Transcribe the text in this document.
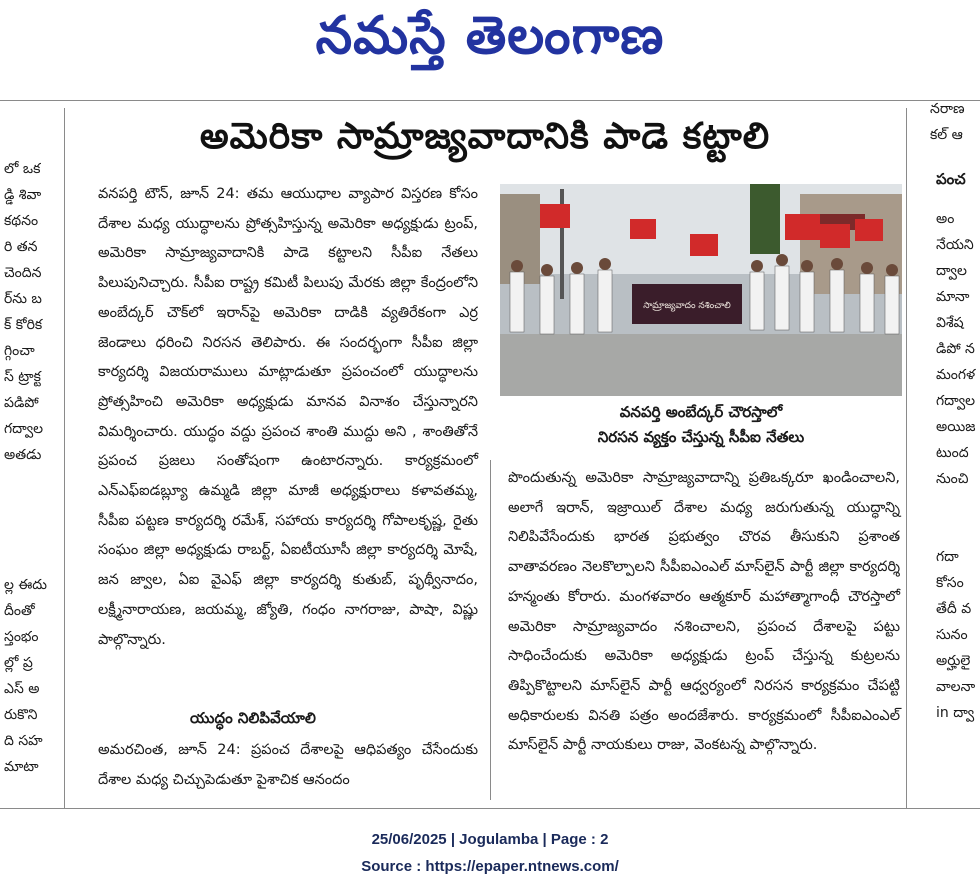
నమస్తే తెలంగాణ
లో ఒక
డ్డి శివా
కథనం
రి తన
చెందిన
ర్‌ను బ
క్‌ కోరిక
గ్గించా
స్‌ ట్రాక్ట
పడిపో
గద్వాల
అతడు
ల్ల ఈదు
దీంతో
స్తంభం
ల్లో ప్ర
ఎస్‌ అ
రుకొని
ది సహ
మాటా
నరాణ
కల్‌ ఆ
పంచ
అం
నేయని
ద్వాల
మానా
విశేష
డిపో న
మంగళ
గద్వాల
అయిజ
టుంద
నుంచి
గదా
కోసం
తేదీ వ
సునం
అర్హులై
వాలనా
in ద్వా
అమెరికా సామ్రాజ్యవాదానికి పాడె కట్టాలి

వనపర్తి టౌన్‌, జూన్‌ 24: తమ ఆయుధాల వ్యాపార విస్తరణ కోసం దేశాల మధ్య యుద్ధాలను ప్రోత్సహిస్తున్న అమెరికా అధ్యక్షుడు ట్రంప్‌, అమెరికా సామ్రాజ్యవాదానికి పాడె కట్టాలని సీపీఐ నేతలు పిలుపునిచ్చారు. సీపీఐ రాష్ట్ర కమిటీ పిలుపు మేరకు జిల్లా కేంద్రంలోని అంబేద్కర్‌ చౌక్‌లో ఇరాన్‌పై అమెరికా దాడికి వ్యతిరేకంగా ఎర్ర జెండాలు ధరించి నిరసన తెలిపారు. ఈ సందర్భంగా సీపీఐ జిల్లా కార్యదర్శి విజయరాములు మాట్లాడుతూ ప్రపంచంలో యుద్ధాలను ప్రోత్సహించి అమెరికా అధ్యక్షుడు మానవ వినాశం చేస్తున్నారని విమర్శించారు. యుద్ధం వద్దు ప్రపంచ శాంతి ముద్దు అని , శాంతితోనే ప్రపంచ ప్రజలు సంతోషంగా ఉంటారన్నారు. కార్యక్రమంలో ఎన్‌ఎఫ్‌ఐడబ్ల్యూ ఉమ్మడి జిల్లా మాజీ అధ్యక్షురాలు కళావతమ్మ, సీపీఐ పట్టణ కార్యదర్శి రమేశ్‌, సహాయ కార్యదర్శి గోపాలకృష్ణ, రైతు సంఘం జిల్లా అధ్యక్షుడు రాబర్ట్‌, ఏఐటీయూసీ జిల్లా కార్యదర్శి మోషే, జన జ్వాల, ఏఐ వైఎఫ్‌ జిల్లా కార్యదర్శి కుతుబ్‌, పృథ్వీనాదం, లక్ష్మీనారాయణ, జయమ్మ, జ్యోతి, గంధం నాగరాజు, పాషా, విష్ణు పాల్గొన్నారు.

సామ్రాజ్యవాదం నశించాలి
వనపర్తి అంబేద్కర్‌ చౌరస్తాలో
నిరసన వ్యక్తం చేస్తున్న సీపీఐ నేతలు

పొందుతున్న అమెరికా సామ్రాజ్యవాదాన్ని ప్రతిఒక్కరూ ఖండించాలని, అలాగే ఇరాన్‌, ఇజ్రాయిల్‌ దేశాల మధ్య జరుగుతున్న యుద్ధాన్ని నిలిపివేసేందుకు భారత ప్రభుత్వం చొరవ తీసుకుని ప్రశాంత వాతావరణం నెలకొల్పాలని సీపీఐఎంఎల్‌ మాస్‌లైన్‌ పార్టీ జిల్లా కార్యదర్శి హన్మంతు కోరారు. మంగళవారం ఆత్మకూర్‌ మహాత్మాగాంధీ చౌరస్తాలో అమెరికా సామ్రాజ్యవాదం నశించాలని, ప్రపంచ దేశాలపై పట్టు సాధించేందుకు అమెరికా అధ్యక్షుడు ట్రంప్‌ చేస్తున్న కుట్రలను తిప్పికొట్టాలని మాస్‌లైన్‌ పార్టీ ఆధ్వర్యంలో నిరసన కార్యక్రమం చేపట్టి అధికారులకు వినతి పత్రం అందజేశారు. కార్యక్రమంలో సీపీఐఎంఎల్‌ మాస్‌లైన్‌ పార్టీ నాయకులు రాజు, వెంకటన్న పాల్గొన్నారు.

యుద్ధం నిలిపివేయాలి

అమరచింత, జూన్‌ 24: ప్రపంచ దేశాలపై ఆధిపత్యం చేసేందుకు దేశాల మధ్య చిచ్చుపెడుతూ పైశాచిక ఆనందం

25/06/2025 | Jogulamba | Page : 2
Source : https://epaper.ntnews.com/
